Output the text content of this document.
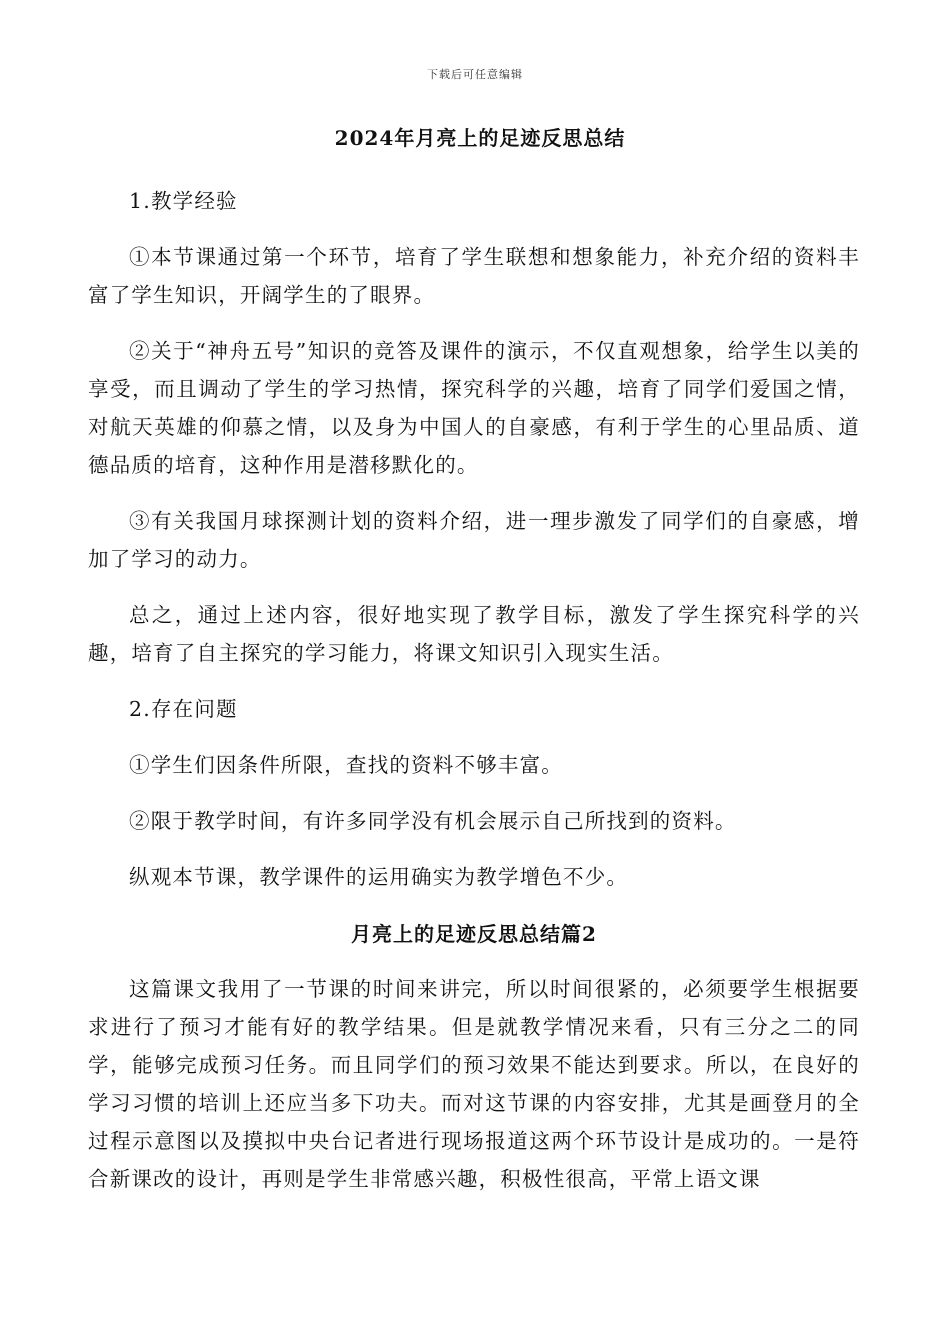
下载后可任意编辑
2024年月亮上的足迹反思总结

1.教学经验

①本节课通过第一个环节，培育了学生联想和想象能力，补充介绍的资料丰富了学生知识，开阔学生的了眼界。

②关于“神舟五号”知识的竞答及课件的演示，不仅直观想象，给学生以美的享受，而且调动了学生的学习热情，探究科学的兴趣，培育了同学们爱国之情，对航天英雄的仰慕之情，以及身为中国人的自豪感，有利于学生的心里品质、道德品质的培育，这种作用是潜移默化的。

③有关我国月球探测计划的资料介绍，进一理步激发了同学们的自豪感，增加了学习的动力。

总之，通过上述内容，很好地实现了教学目标，激发了学生探究科学的兴趣，培育了自主探究的学习能力，将课文知识引入现实生活。

2.存在问题

①学生们因条件所限，查找的资料不够丰富。

②限于教学时间，有许多同学没有机会展示自己所找到的资料。

纵观本节课，教学课件的运用确实为教学增色不少。

月亮上的足迹反思总结篇2

这篇课文我用了一节课的时间来讲完，所以时间很紧的，必须要学生根据要求进行了预习才能有好的教学结果。但是就教学情况来看，只有三分之二的同学，能够完成预习任务。而且同学们的预习效果不能达到要求。所以，在良好的学习习惯的培训上还应当多下功夫。而对这节课的内容安排，尤其是画登月的全过程示意图以及摸拟中央台记者进行现场报道这两个环节设计是成功的。一是符合新课改的设计，再则是学生非常感兴趣，积极性很高，平常上语文课
